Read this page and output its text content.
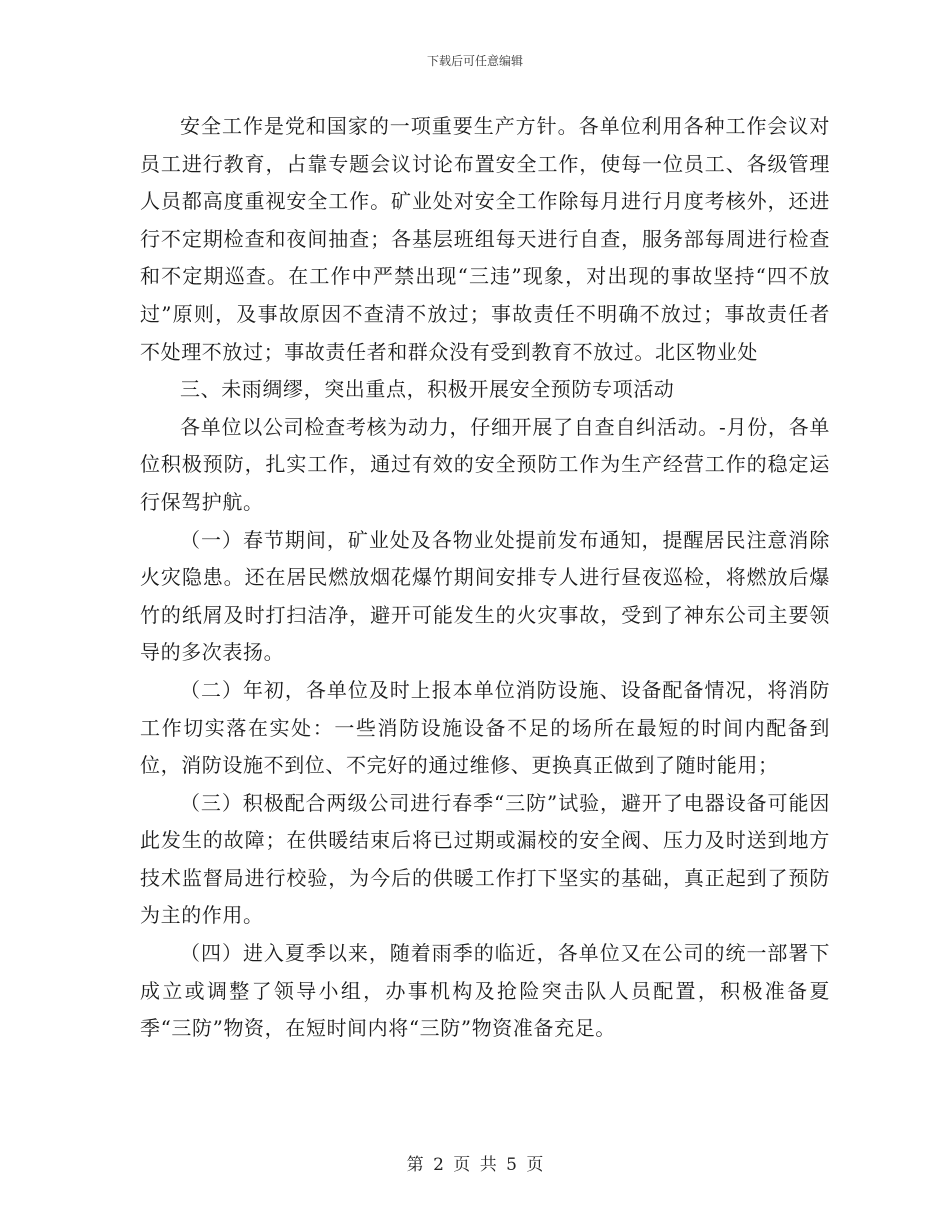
下载后可任意编辑

安全工作是党和国家的一项重要生产方针。各单位利用各种工作会议对员工进行教育，占靠专题会议讨论布置安全工作，使每一位员工、各级管理人员都高度重视安全工作。矿业处对安全工作除每月进行月度考核外，还进行不定期检查和夜间抽查；各基层班组每天进行自查，服务部每周进行检查和不定期巡查。在工作中严禁出现“三违”现象，对出现的事故坚持“四不放过”原则，及事故原因不查清不放过；事故责任不明确不放过；事故责任者不处理不放过；事故责任者和群众没有受到教育不放过。北区物业处

三、未雨绸缪，突出重点，积极开展安全预防专项活动

各单位以公司检查考核为动力，仔细开展了自查自纠活动。-月份，各单位积极预防，扎实工作，通过有效的安全预防工作为生产经营工作的稳定运行保驾护航。

（一）春节期间，矿业处及各物业处提前发布通知，提醒居民注意消除火灾隐患。还在居民燃放烟花爆竹期间安排专人进行昼夜巡检，将燃放后爆竹的纸屑及时打扫洁净，避开可能发生的火灾事故，受到了神东公司主要领导的多次表扬。

（二）年初，各单位及时上报本单位消防设施、设备配备情况，将消防工作切实落在实处：一些消防设施设备不足的场所在最短的时间内配备到位，消防设施不到位、不完好的通过维修、更换真正做到了随时能用；

（三）积极配合两级公司进行春季“三防”试验，避开了电器设备可能因此发生的故障；在供暖结束后将已过期或漏校的安全阀、压力及时送到地方技术监督局进行校验，为今后的供暖工作打下坚实的基础，真正起到了预防为主的作用。

（四）进入夏季以来，随着雨季的临近，各单位又在公司的统一部署下成立或调整了领导小组，办事机构及抢险突击队人员配置，积极准备夏季“三防”物资，在短时间内将“三防”物资准备充足。

第 2 页 共 5 页
